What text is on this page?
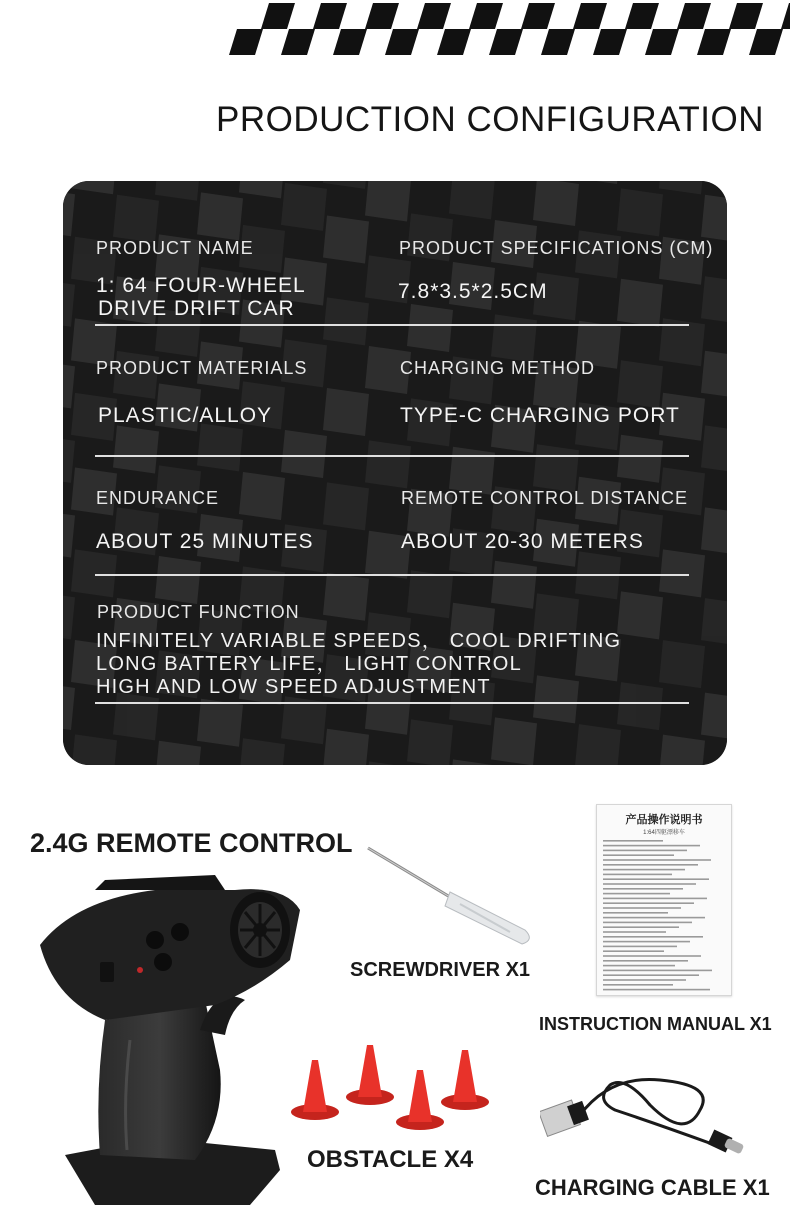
PRODUCTION CONFIGURATION
PRODUCT NAME
1: 64 FOUR-WHEEL
DRIVE DRIFT CAR
PRODUCT SPECIFICATIONS (CM)
7.8*3.5*2.5CM
PRODUCT MATERIALS
PLASTIC/ALLOY
CHARGING METHOD
TYPE-C CHARGING PORT
ENDURANCE
ABOUT 25 MINUTES
REMOTE CONTROL DISTANCE
ABOUT 20-30 METERS
PRODUCT FUNCTION
INFINITELY VARIABLE SPEEDS， COOL DRIFTING
LONG BATTERY LIFE， LIGHT CONTROL
HIGH AND LOW SPEED ADJUSTMENT
2.4G REMOTE CONTROL
SCREWDRIVER X1
产品操作说明书
1:64四驱漂移车
INSTRUCTION MANUAL X1
OBSTACLE X4
CHARGING CABLE X1
